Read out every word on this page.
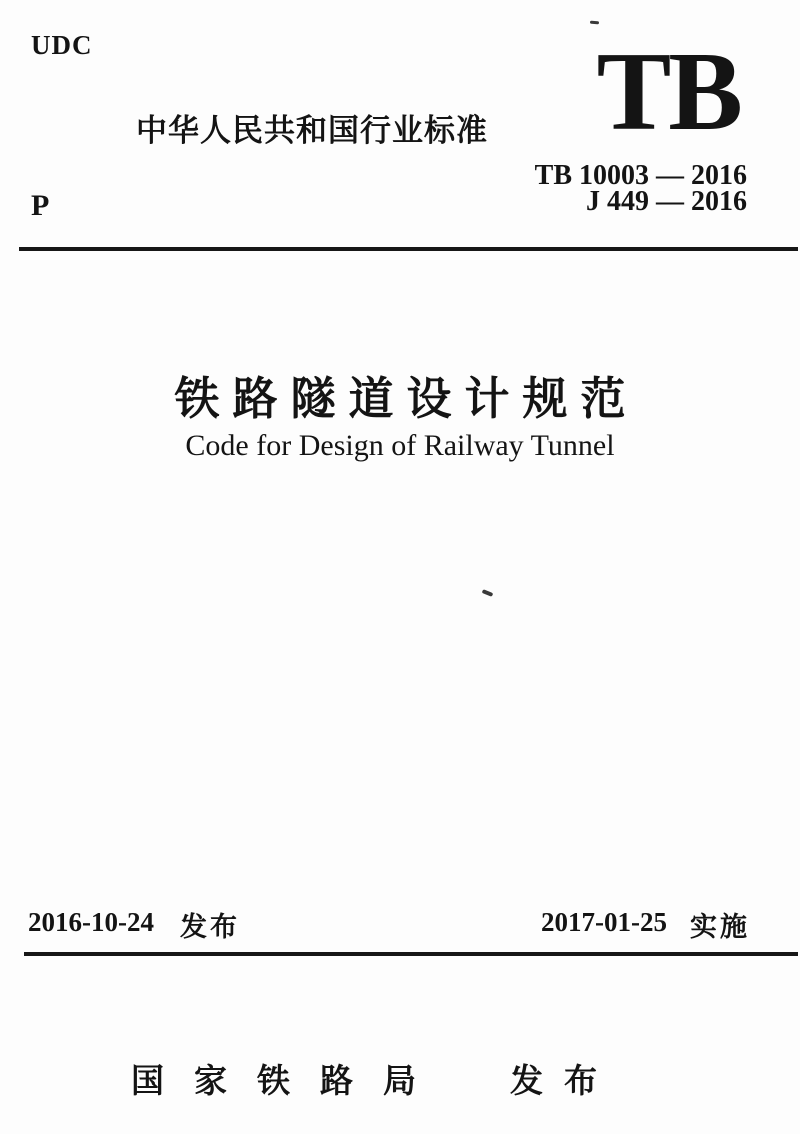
UDC
中华人民共和国行业标准 TB
TB 10003 — 2016
J 449 — 2016
P
铁路隧道设计规范
Code for Design of Railway Tunnel
2016-10-24 发布	2017-01-25 实施
国家铁路局 发布
